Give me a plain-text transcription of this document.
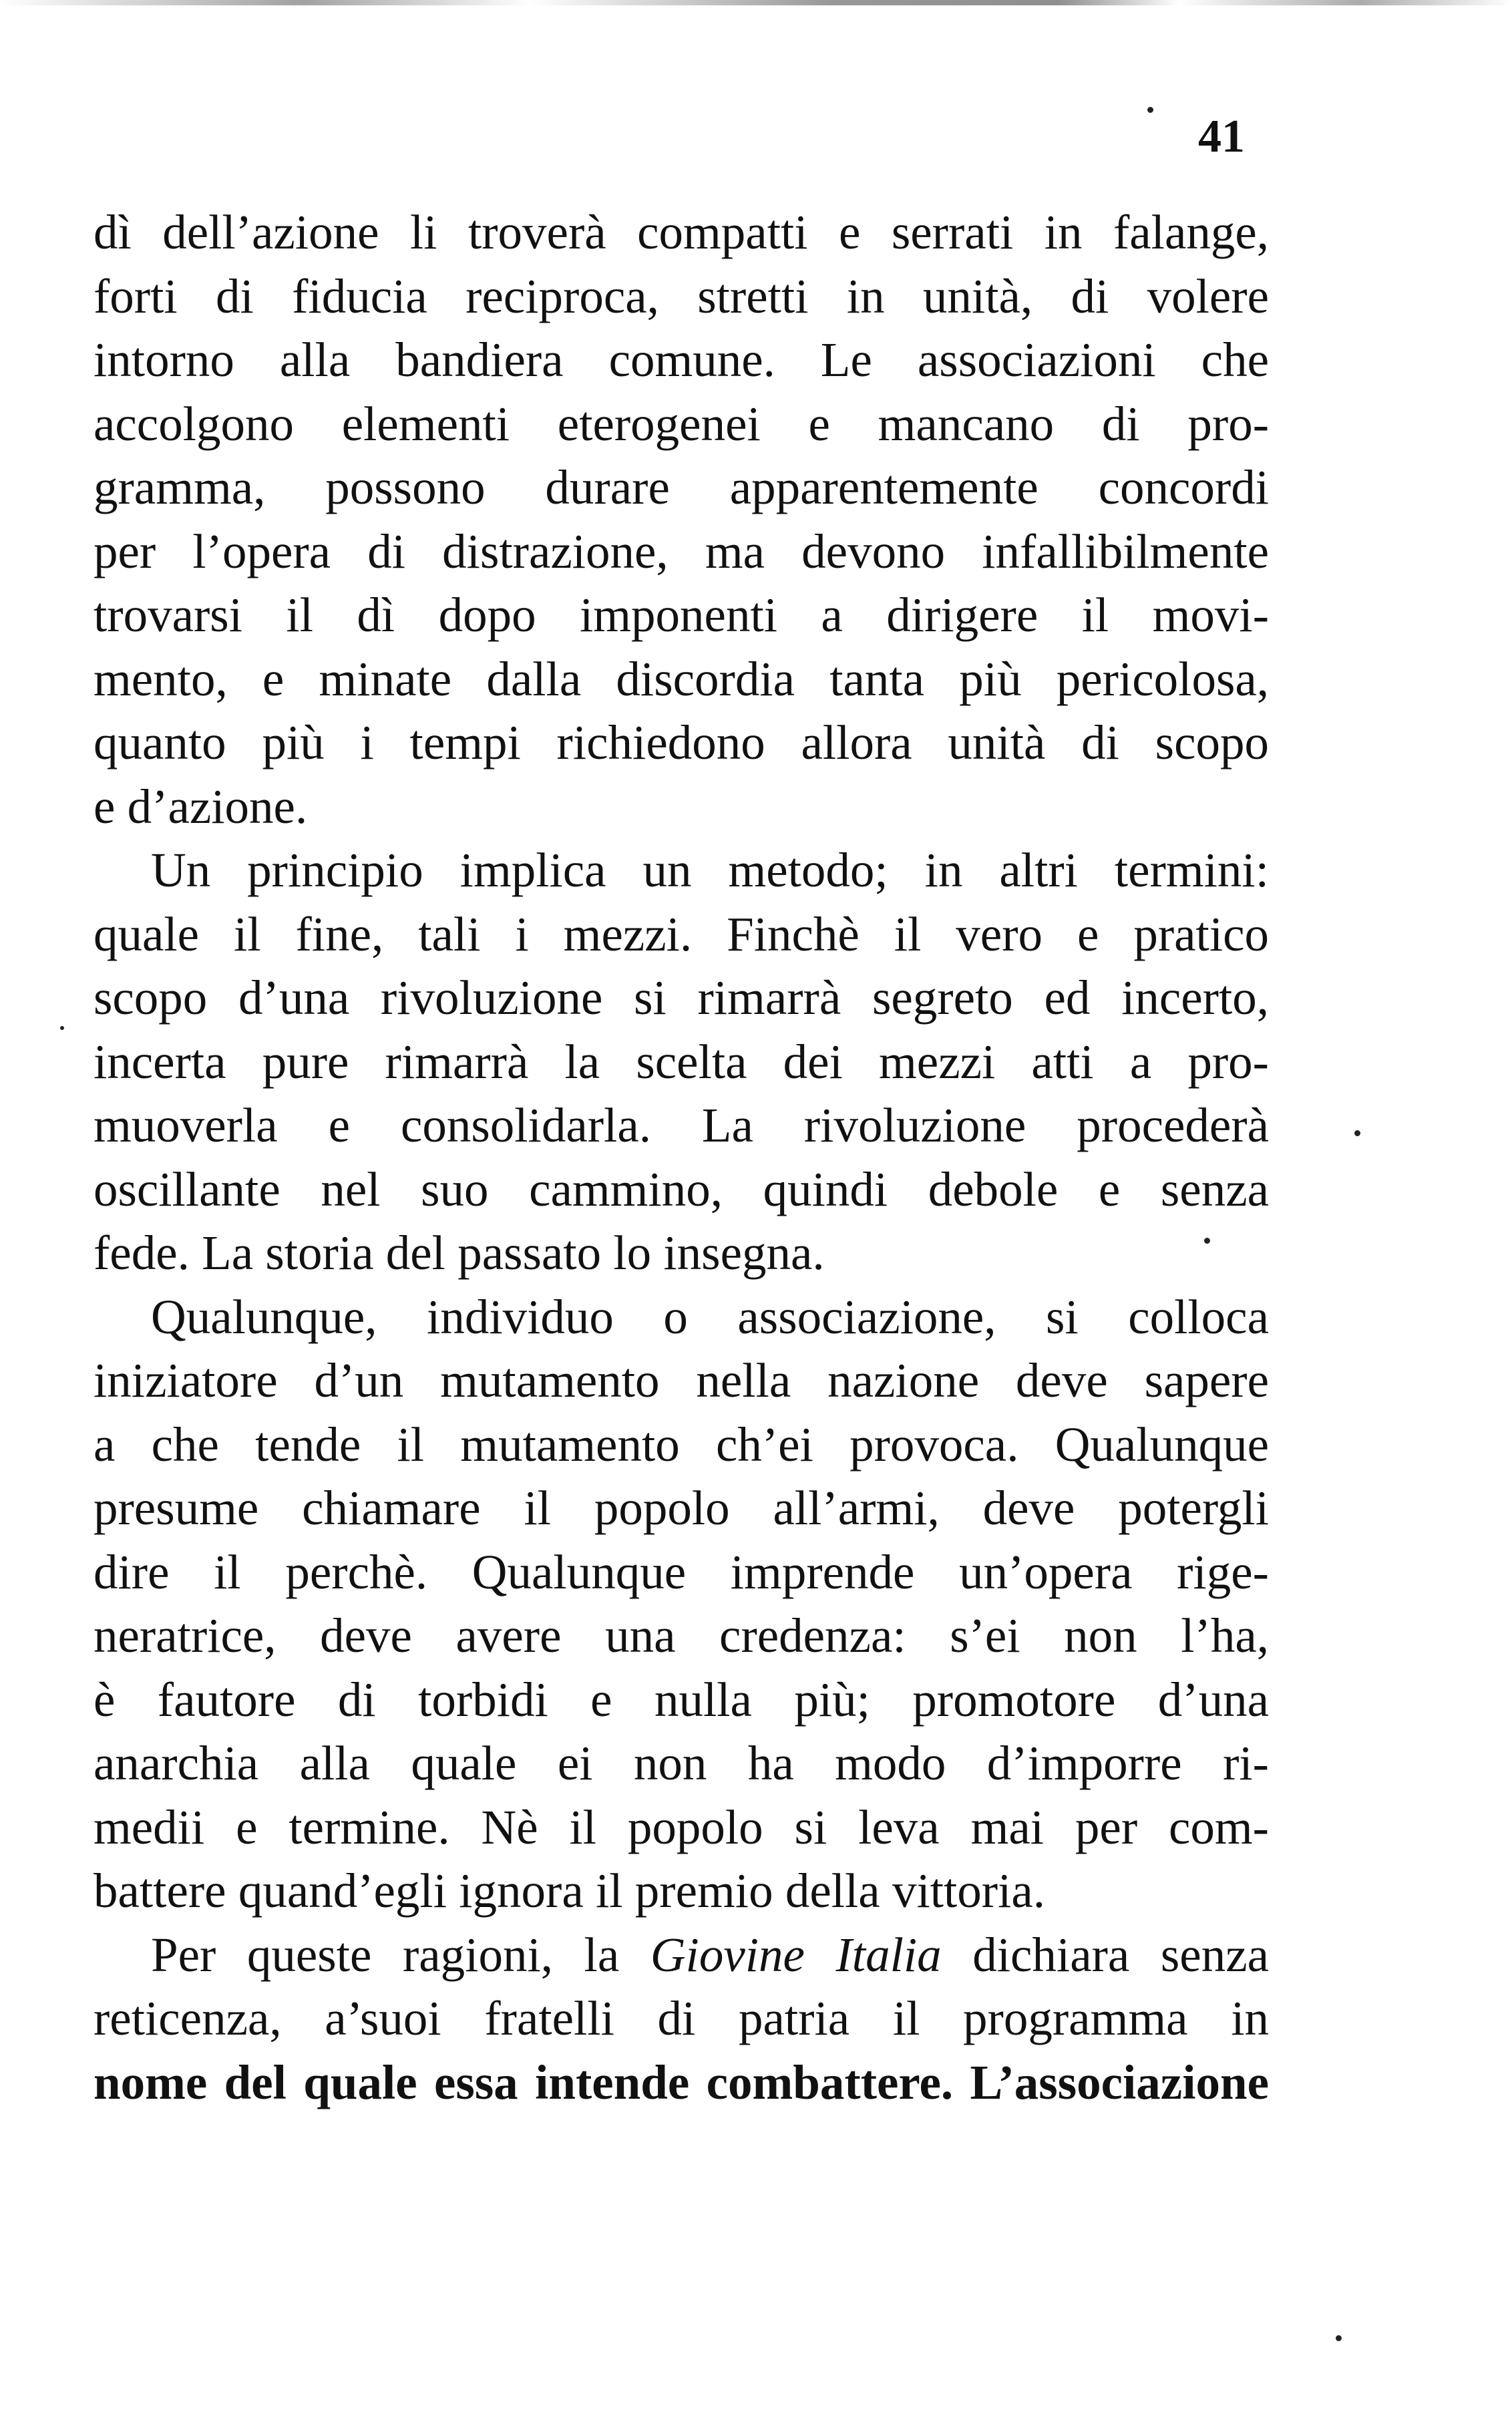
41

dì dell’azione li troverà compatti e serrati in falange,
forti di fiducia reciproca, stretti in unità, di volere
intorno alla bandiera comune. Le associazioni che
accolgono elementi eterogenei e mancano di pro-
gramma, possono durare apparentemente concordi
per l’opera di distrazione, ma devono infallibilmente
trovarsi il dì dopo imponenti a dirigere il movi-
mento, e minate dalla discordia tanta più pericolosa,
quanto più i tempi richiedono allora unità di scopo
e d’azione.

Un principio implica un metodo; in altri termini:
quale il fine, tali i mezzi. Finchè il vero e pratico
scopo d’una rivoluzione si rimarrà segreto ed incerto,
incerta pure rimarrà la scelta dei mezzi atti a pro-
muoverla e consolidarla. La rivoluzione procederà
oscillante nel suo cammino, quindi debole e senza
fede. La storia del passato lo insegna.

Qualunque, individuo o associazione, si colloca
iniziatore d’un mutamento nella nazione deve sapere
a che tende il mutamento ch’ei provoca. Qualunque
presume chiamare il popolo all’armi, deve potergli
dire il perchè. Qualunque imprende un’opera rige-
neratrice, deve avere una credenza: s’ei non l’ha,
è fautore di torbidi e nulla più; promotore d’una
anarchia alla quale ei non ha modo d’imporre ri-
medii e termine. Nè il popolo si leva mai per com-
battere quand’egli ignora il premio della vittoria.

Per queste ragioni, la Giovine Italia dichiara senza
reticenza, a’suoi fratelli di patria il programma in
nome del quale essa intende combattere. L’associazione
